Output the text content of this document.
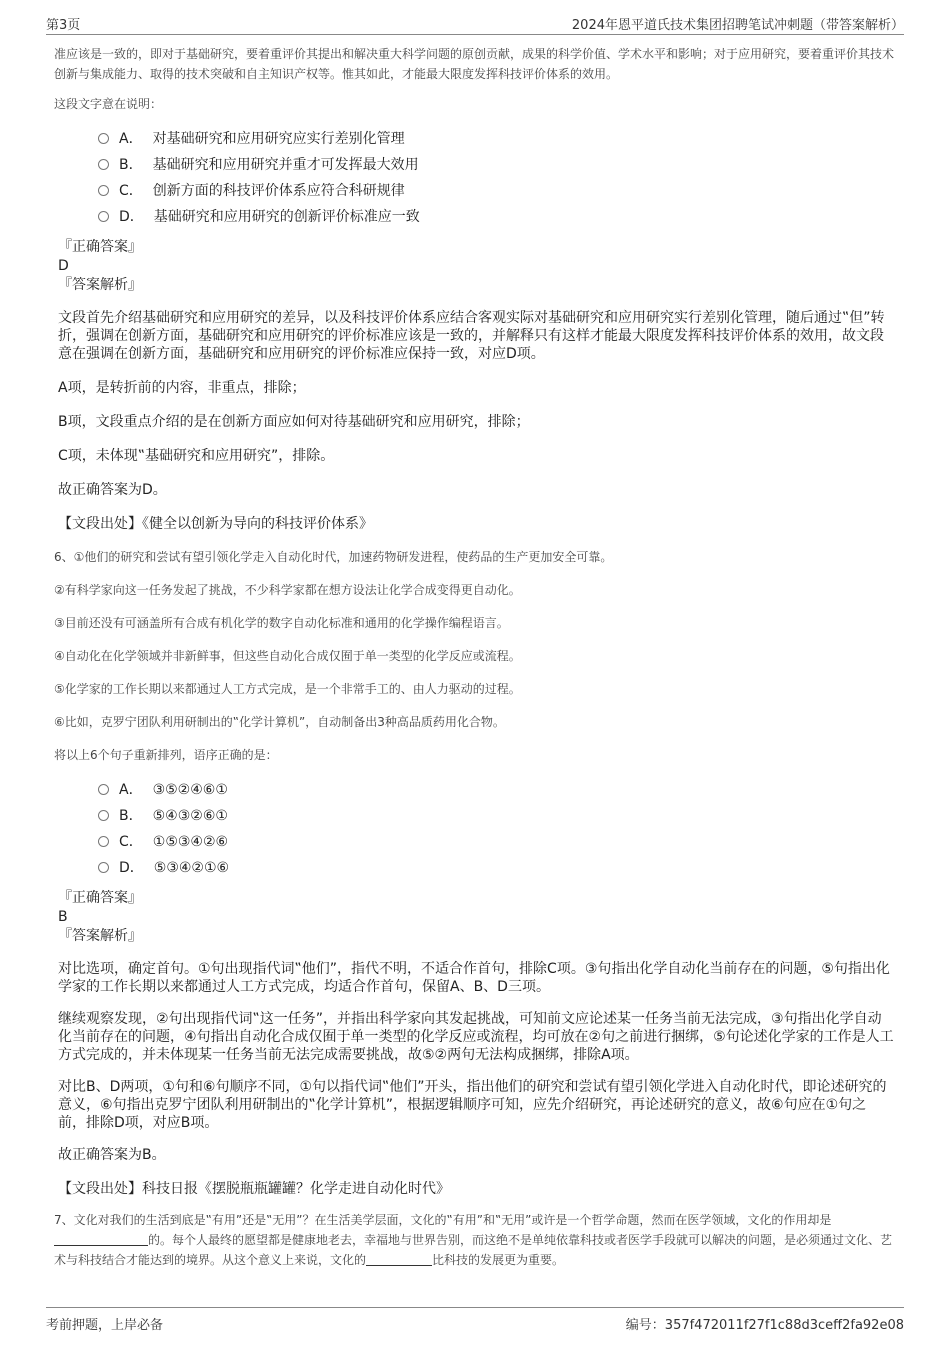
第3页	2024年恩平道氏技术集团招聘笔试冲刺题（带答案解析）

准应该是一致的，即对于基础研究，要着重评价其提出和解决重大科学问题的原创贡献，成果的科学价值、学术水平和影响；对于应用研究，要着重评价其技术创新与集成能力、取得的技术突破和自主知识产权等。惟其如此，才能最大限度发挥科技评价体系的效用。

这段文字意在说明：

A． 对基础研究和应用研究应实行差别化管理
B． 基础研究和应用研究并重才可发挥最大效用
C． 创新方面的科技评价体系应符合科研规律
D． 基础研究和应用研究的创新评价标准应一致

『正确答案』

D

『答案解析』

文段首先介绍基础研究和应用研究的差异，以及科技评价体系应结合客观实际对基础研究和应用研究实行差别化管理，随后通过‟但”转折，强调在创新方面，基础研究和应用研究的评价标准应该是一致的，并解释只有这样才能最大限度发挥科技评价体系的效用，故文段意在强调在创新方面，基础研究和应用研究的评价标准应保持一致，对应D项。

A项，是转折前的内容，非重点，排除；

B项，文段重点介绍的是在创新方面应如何对待基础研究和应用研究，排除；

C项，未体现‟基础研究和应用研究”，排除。

故正确答案为D。

【文段出处】《健全以创新为导向的科技评价体系》

6、①他们的研究和尝试有望引领化学走入自动化时代，加速药物研发进程，使药品的生产更加安全可靠。

②有科学家向这一任务发起了挑战，不少科学家都在想方设法让化学合成变得更自动化。

③目前还没有可涵盖所有合成有机化学的数字自动化标准和通用的化学操作编程语言。

④自动化在化学领域并非新鲜事，但这些自动化合成仅囿于单一类型的化学反应或流程。

⑤化学家的工作长期以来都通过人工方式完成，是一个非常手工的、由人力驱动的过程。

⑥比如，克罗宁团队利用研制出的‟化学计算机”，自动制备出3种高品质药用化合物。

将以上6个句子重新排列，语序正确的是：

A． ③⑤②④⑥①
B． ⑤④③②⑥①
C． ①⑤③④②⑥
D． ⑤③④②①⑥

『正确答案』

B

『答案解析』

对比选项，确定首句。①句出现指代词‟他们”，指代不明，不适合作首句，排除C项。③句指出化学自动化当前存在的问题，⑤句指出化学家的工作长期以来都通过人工方式完成，均适合作首句，保留A、B、D三项。

继续观察发现，②句出现指代词‟这一任务”，并指出科学家向其发起挑战，可知前文应论述某一任务当前无法完成，③句指出化学自动化当前存在的问题，④句指出自动化合成仅囿于单一类型的化学反应或流程，均可放在②句之前进行捆绑，⑤句论述化学家的工作是人工方式完成的，并未体现某一任务当前无法完成需要挑战，故⑤②两句无法构成捆绑，排除A项。

对比B、D两项，①句和⑥句顺序不同，①句以指代词‟他们”开头，指出他们的研究和尝试有望引领化学进入自动化时代，即论述研究的意义，⑥句指出克罗宁团队利用研制出的‟化学计算机”，根据逻辑顺序可知，应先介绍研究，再论述研究的意义，故⑥句应在①句之前，排除D项，对应B项。

故正确答案为B。

【文段出处】科技日报《摆脱瓶瓶罐罐？化学走进自动化时代》

7、文化对我们的生活到底是‟有用”还是‟无用”？在生活美学层面，文化的‟有用”和‟无用”或许是一个哲学命题，然而在医学领域，文化的作用却是的。每个人最终的愿望都是健康地老去，幸福地与世界告别，而这绝不是单纯依靠科技或者医学手段就可以解决的问题，是必须通过文化、艺术与科技结合才能达到的境界。从这个意义上来说，文化的	比科技的发展更为重要。

考前押题，上岸必备	编号：357f472011f27f1c88d3ceff2fa92e08
